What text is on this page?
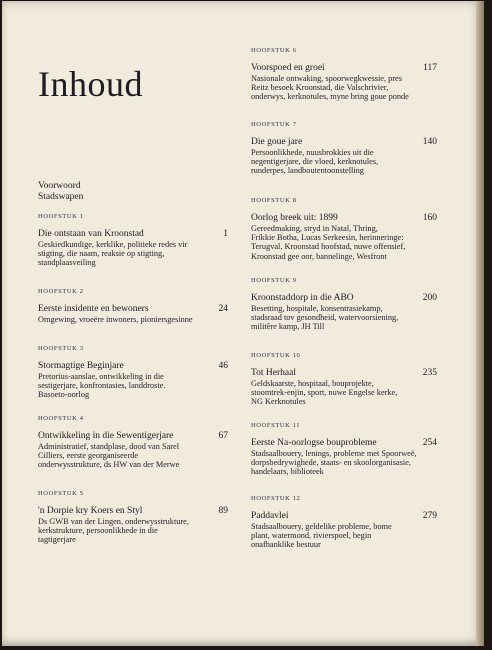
Inhoud
Voorwoord
Stadswapen
HOOFSTUK 1
Die ontstaan van Kroonstad	1
Geskiedkundige, kerklike, politieke redes vir
stigting, die naam, reaksie op stigting,
standplaasveiling
HOOFSTUK 2
Eerste insidente en bewoners	24
Omgewing, vroeëre inwoners, pioniersgesinne
HOOFSTUK 3
Stormagtige Beginjare	46
Pretorius-aanslae, ontwikkeling in die
sestigerjare, konfrontasies, landdroste.
Basoeto-oorlog
HOOFSTUK 4
Ontwikkeling in die Sewentigerjare	67
Administratief, standplase, dood van Sarel
Cilliers, eerste georganiseerde
onderwysstrukture, ds HW van der Merwe
HOOFSTUK 5
'n Dorpie kry Koers en Styl	89
Ds GWB van der Lingen, onderwysstrukture,
kerkstrukture, persoonlikhede in die
tagtigerjare
HOOFSTUK 6
Voorspoed en groei	117
Nasionale ontwaking, spoorwegkwessie, pres
Reitz besoek Kroonstad, die Valschrivier,
onderwys, kerknotules, myne bring goue ponde
HOOFSTUK 7
Die goue jare	140
Persoonlikhede, nuusbrokkies uit die
negentigerjare, die vloed, kerknotules,
runderpes, landboutentoonstelling
HOOFSTUK 8
Oorlog breek uit: 1899	160
Gereedmaking, stryd in Natal, Thring,
Frikkie Botha, Lucas Serkeesin, herinneringe:
Terugval, Kroonstad hoofstad, nuwe offensief,
Kroonstad gee oor, bannelinge, Wesfront
HOOFSTUK 9
Kroonstaddorp in die ABO	200
Besetting, hospitale, konsentrasiekamp,
stadsraad tov gesondheid, watervoorsiening,
militêre kamp, JH Till
HOOFSTUK 10
Tot Herhaal	235
Geldskaarste, hospitaal, bouprojekte,
stoomtrek-enjin, sport, nuwe Engelse kerke,
NG Kerknotules
HOOFSTUK 11
Eerste Na-oorlogse bouprobleme	254
Stadsaalbouery, lenings, probleme met Spoorweë,
dorpsbedrywighede, staats- en skoolorganisasie,
handelaars, biblioteek
HOOFSTUK 12
Paddavlei	279
Stadsaalbouery, geldelike probleme, bome
plant, watermond, rivierspoel, begin
onafhanklike bestuur
